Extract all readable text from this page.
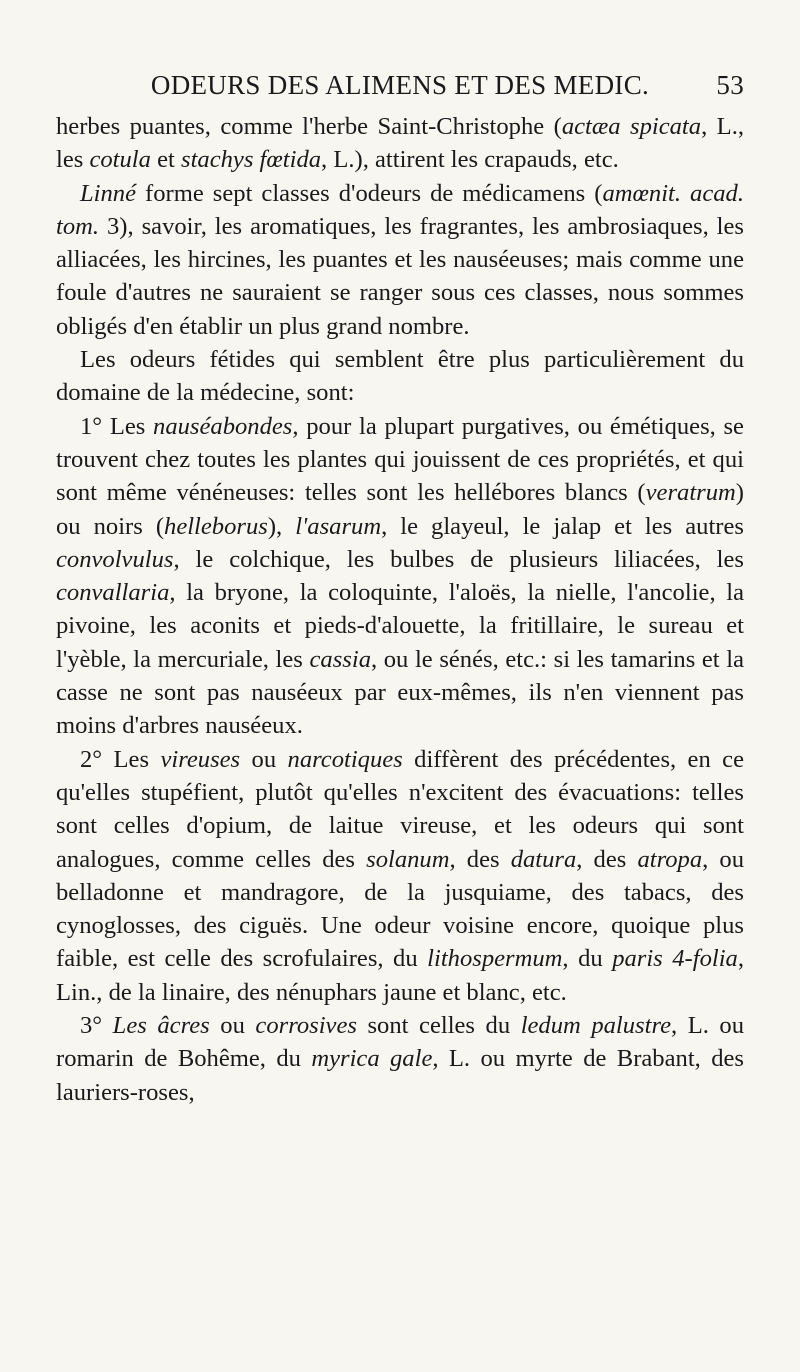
ODEURS DES ALIMENS ET DES MEDIC.	53

herbes puantes, comme l'herbe Saint-Christophe (actæa spicata, L., les cotula et stachys fœtida, L.), attirent les crapauds, etc.

Linné forme sept classes d'odeurs de médicamens (amœnit. acad. tom. 3), savoir, les aromatiques, les fragrantes, les ambrosiaques, les alliacées, les hircines, les puantes et les nauséeuses; mais comme une foule d'autres ne sauraient se ranger sous ces classes, nous sommes obligés d'en établir un plus grand nombre.

Les odeurs fétides qui semblent être plus particulièrement du domaine de la médecine, sont:

1° Les nauséabondes, pour la plupart purgatives, ou émétiques, se trouvent chez toutes les plantes qui jouissent de ces propriétés, et qui sont même vénéneuses: telles sont les hellébores blancs (veratrum) ou noirs (helleborus), l'asarum, le glayeul, le jalap et les autres convolvulus, le colchique, les bulbes de plusieurs liliacées, les convallaria, la bryone, la coloquinte, l'aloës, la nielle, l'ancolie, la pivoine, les aconits et pieds-d'alouette, la fritillaire, le sureau et l'yèble, la mercuriale, les cassia, ou le sénés, etc.: si les tamarins et la casse ne sont pas nauséeux par eux-mêmes, ils n'en viennent pas moins d'arbres nauséeux.

2° Les vireuses ou narcotiques diffèrent des précédentes, en ce qu'elles stupéfient, plutôt qu'elles n'excitent des évacuations: telles sont celles d'opium, de laitue vireuse, et les odeurs qui sont analogues, comme celles des solanum, des datura, des atropa, ou belladonne et mandragore, de la jusquiame, des tabacs, des cynoglosses, des ciguës. Une odeur voisine encore, quoique plus faible, est celle des scrofulaires, du lithospermum, du paris 4-folia, Lin., de la linaire, des nénuphars jaune et blanc, etc.

3° Les âcres ou corrosives sont celles du ledum palustre, L. ou romarin de Bohême, du myrica gale, L. ou myrte de Brabant, des lauriers-roses,
